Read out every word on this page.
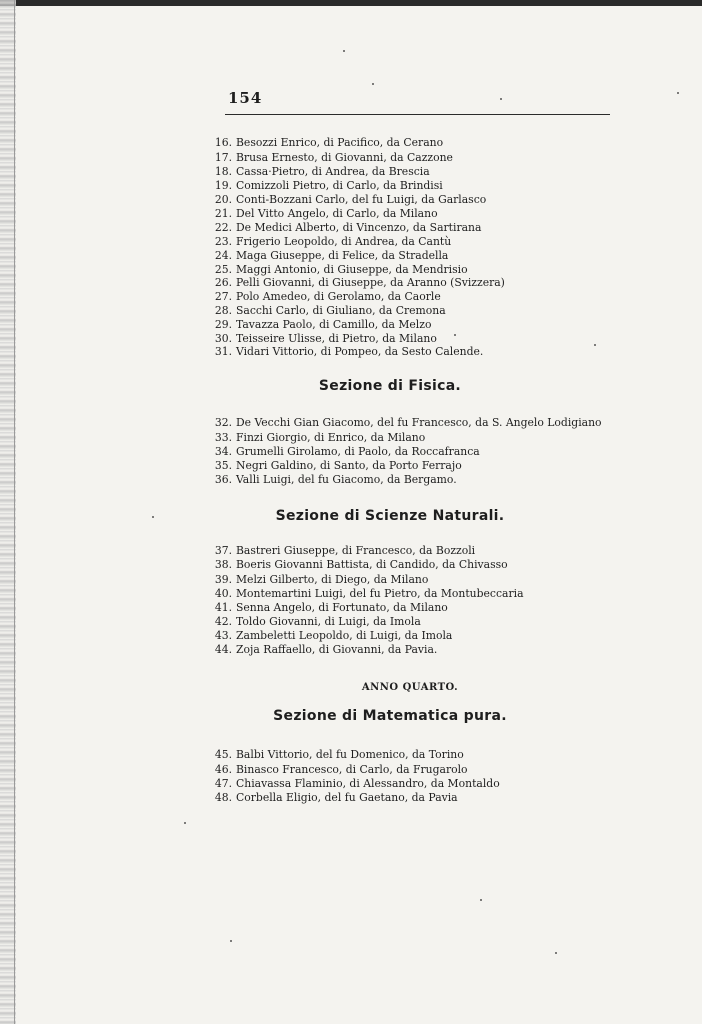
154
16. Besozzi Enrico, di Pacifico, da Cerano
17. Brusa Ernesto, di Giovanni, da Cazzone
18. Cassa·Pietro, di Andrea, da Brescia
19. Comizzoli Pietro, di Carlo, da Brindisi
20. Conti-Bozzani Carlo, del fu Luigi, da Garlasco
21. Del Vitto Angelo, di Carlo, da Milano
22. De Medici Alberto, di Vincenzo, da Sartirana
23. Frigerio Leopoldo, di Andrea, da Cantù
24. Maga Giuseppe, di Felice, da Stradella
25. Maggi Antonio, di Giuseppe, da Mendrisio
26. Pelli Giovanni, di Giuseppe, da Aranno (Svizzera)
27. Polo Amedeo, di Gerolamo, da Caorle
28. Sacchi Carlo, di Giuliano, da Cremona
29. Tavazza Paolo, di Camillo, da Melzo
30. Teisseire Ulisse, di Pietro, da Milano
31. Vidari Vittorio, di Pompeo, da Sesto Calende.
Sezione di Fisica.
32. De Vecchi Gian Giacomo, del fu Francesco, da S. Angelo Lodigiano
33. Finzi Giorgio, di Enrico, da Milano
34. Grumelli Girolamo, di Paolo, da Roccafranca
35. Negri Galdino, di Santo, da Porto Ferrajo
36. Valli Luigi, del fu Giacomo, da Bergamo.
Sezione di Scienze Naturali.
37. Bastreri Giuseppe, di Francesco, da Bozzoli
38. Boeris Giovanni Battista, di Candido, da Chivasso
39. Melzi Gilberto, di Diego, da Milano
40. Montemartini Luigi, del fu Pietro, da Montubeccaria
41. Senna Angelo, di Fortunato, da Milano
42. Toldo Giovanni, di Luigi, da Imola
43. Zambeletti Leopoldo, di Luigi, da Imola
44. Zoja Raffaello, di Giovanni, da Pavia.
ANNO QUARTO.
Sezione di Matematica pura.
45. Balbi Vittorio, del fu Domenico, da Torino
46. Binasco Francesco, di Carlo, da Frugarolo
47. Chiavassa Flaminio, di Alessandro, da Montaldo
48. Corbella Eligio, del fu Gaetano, da Pavia
